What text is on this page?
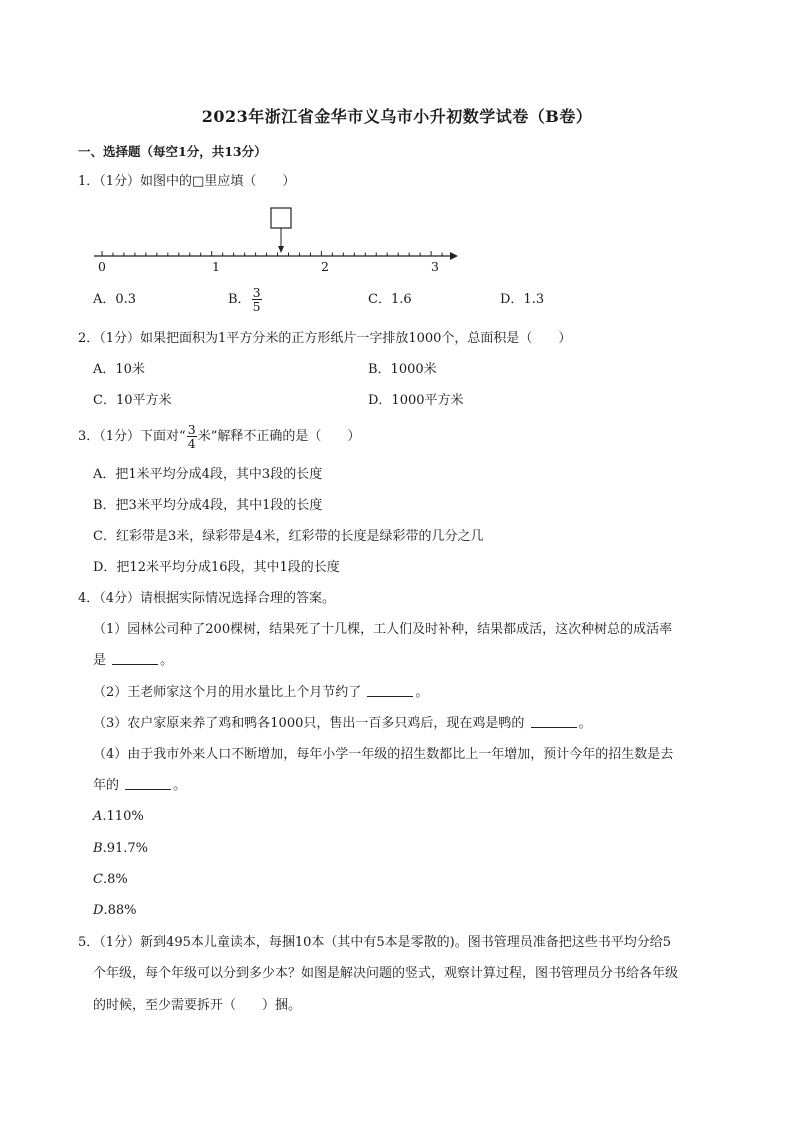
2023年浙江省金华市义乌市小升初数学试卷（B卷）
一、选择题（每空1分，共13分）
1．（1分）如图中的□里应填（　　）
0	1	2	3
A．0.3	B． $\frac{3}{5}$	C．1.6	D．1.3
2．（1分）如果把面积为1平方分米的正方形纸片一字排放1000个，总面积是（　　）
A．10米	B．1000米
C．10平方米	D．1000平方米
3．（1分）下面对“ $\frac{3}{4}$ 米”解释不正确的是（　　）
A．把1米平均分成4段，其中3段的长度
B．把3米平均分成4段，其中1段的长度
C．红彩带是3米，绿彩带是4米，红彩带的长度是绿彩带的几分之几
D．把12米平均分成16段，其中1段的长度
4．（4分）请根据实际情况选择合理的答案。
（1）园林公司种了200棵树，结果死了十几棵，工人们及时补种，结果都成活，这次种树总的成活率
是	。
（2）王老师家这个月的用水量比上个月节约了	。
（3）农户家原来养了鸡和鸭各1000只，售出一百多只鸡后，现在鸡是鸭的	。
（4）由于我市外来人口不断增加，每年小学一年级的招生数都比上一年增加，预计今年的招生数是去
年的	。
A.110%
B.91.7%
C.8%
D.88%
5．（1分）新到495本儿童读本，每捆10本（其中有5本是零散的)。图书管理员准备把这些书平均分给5
个年级，每个年级可以分到多少本？如图是解决问题的竖式，观察计算过程，图书管理员分书给各年级
的时候，至少需要拆开（　　）捆。
